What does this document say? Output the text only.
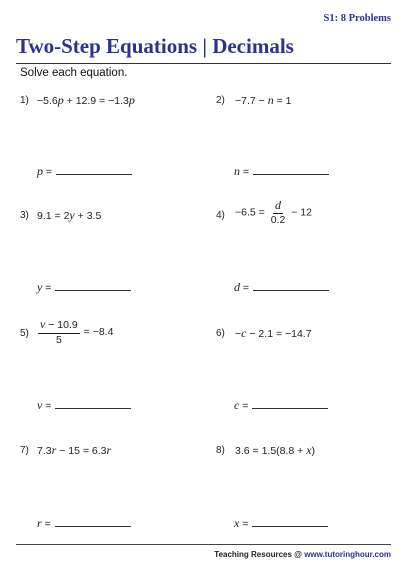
S1: 8 Problems
Two-Step Equations | Decimals
Solve each equation.
1) −5.6p + 12.9 = −1.3p
p =
2) −7.7 − n = 1
n =
3) 9.1 = 2y + 3.5
y =
$4) -6.5 = \frac{d}{0.2} - 12$
d =
$5) \frac{v - 10.9}{5} = -8.4$
v =
6) −c − 2.1 = −14.7
c =
7) 7.3r − 15 = 6.3r
r =
8) 3.6 = 1.5(8.8 + x)
x =
Teaching Resources @ www.tutoringhour.com
